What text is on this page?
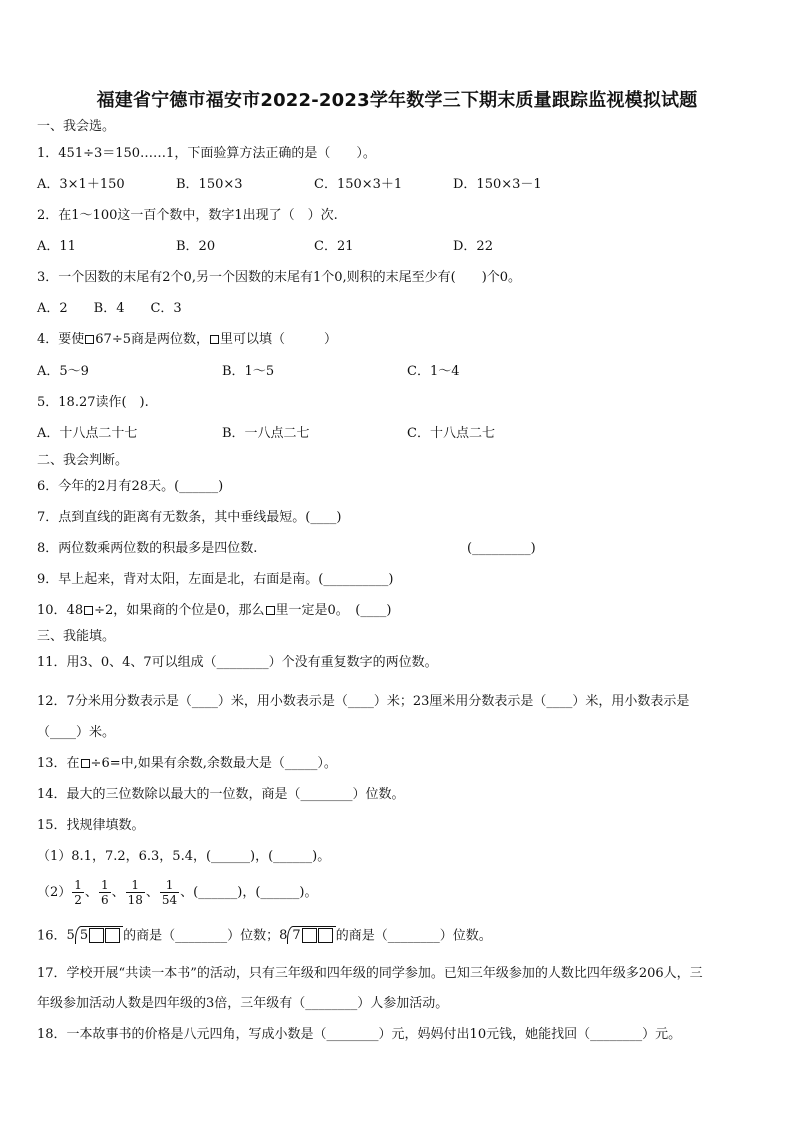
福建省宁德市福安市2022-2023学年数学三下期末质量跟踪监视模拟试题
一、我会选。
1．451÷3＝150……1，下面验算方法正确的是（　　）。
A．3×1＋150	B．150×3	C．150×3＋1	D．150×3－1
2．在1～100这一百个数中，数字1出现了（　）次.
A．11	B．20	C．21	D．22
3．一个因数的末尾有2个0,另一个因数的末尾有1个0,则积的末尾至少有(　　)个0。
A．2　　B．4　　C．3
4．要使 67÷5商是两位数， 里可以填（　　　）
A．5～9	B．1～5	C．1～4
5．18.27读作(　).
A．十八点二十七	B．一八点二七	C．十八点二七
二、我会判断。
6．今年的2月有28天。(______)
7．点到直线的距离有无数条，其中垂线最短。(____)
8．两位数乘两位数的积最多是四位数.	(_________)
9．早上起来，背对太阳，左面是北，右面是南。(__________)
10．48 ÷2，如果商的个位是0，那么 里一定是0。　(____)
三、我能填。
11．用3、0、4、7可以组成（________）个没有重复数字的两位数。
12．7分米用分数表示是（____）米，用小数表示是（____）米；23厘米用分数表示是（____）米，用小数表示是
（____）米。
13．在 ÷6=中,如果有余数,余数最大是（_____）。
14．最大的三位数除以最大的一位数，商是（________）位数。
15．找规律填数。
（1）8.1，7.2，6.3，5.4，(______)，(______)。
$(2) \frac{1}{2}$ 、 $\frac{1}{6}$ 、 $\frac{1}{18}$ 、 $\frac{1}{54}$ 、(______)，(______)。
16．5 5	的商是（________）位数；8 7	的商是（________）位数。
17．学校开展“共读一本书”的活动，只有三年级和四年级的同学参加。已知三年级参加的人数比四年级多206人，三
年级参加活动人数是四年级的3倍，三年级有（________）人参加活动。
18．一本故事书的价格是八元四角，写成小数是（________）元，妈妈付出10元钱，她能找回（________）元。
